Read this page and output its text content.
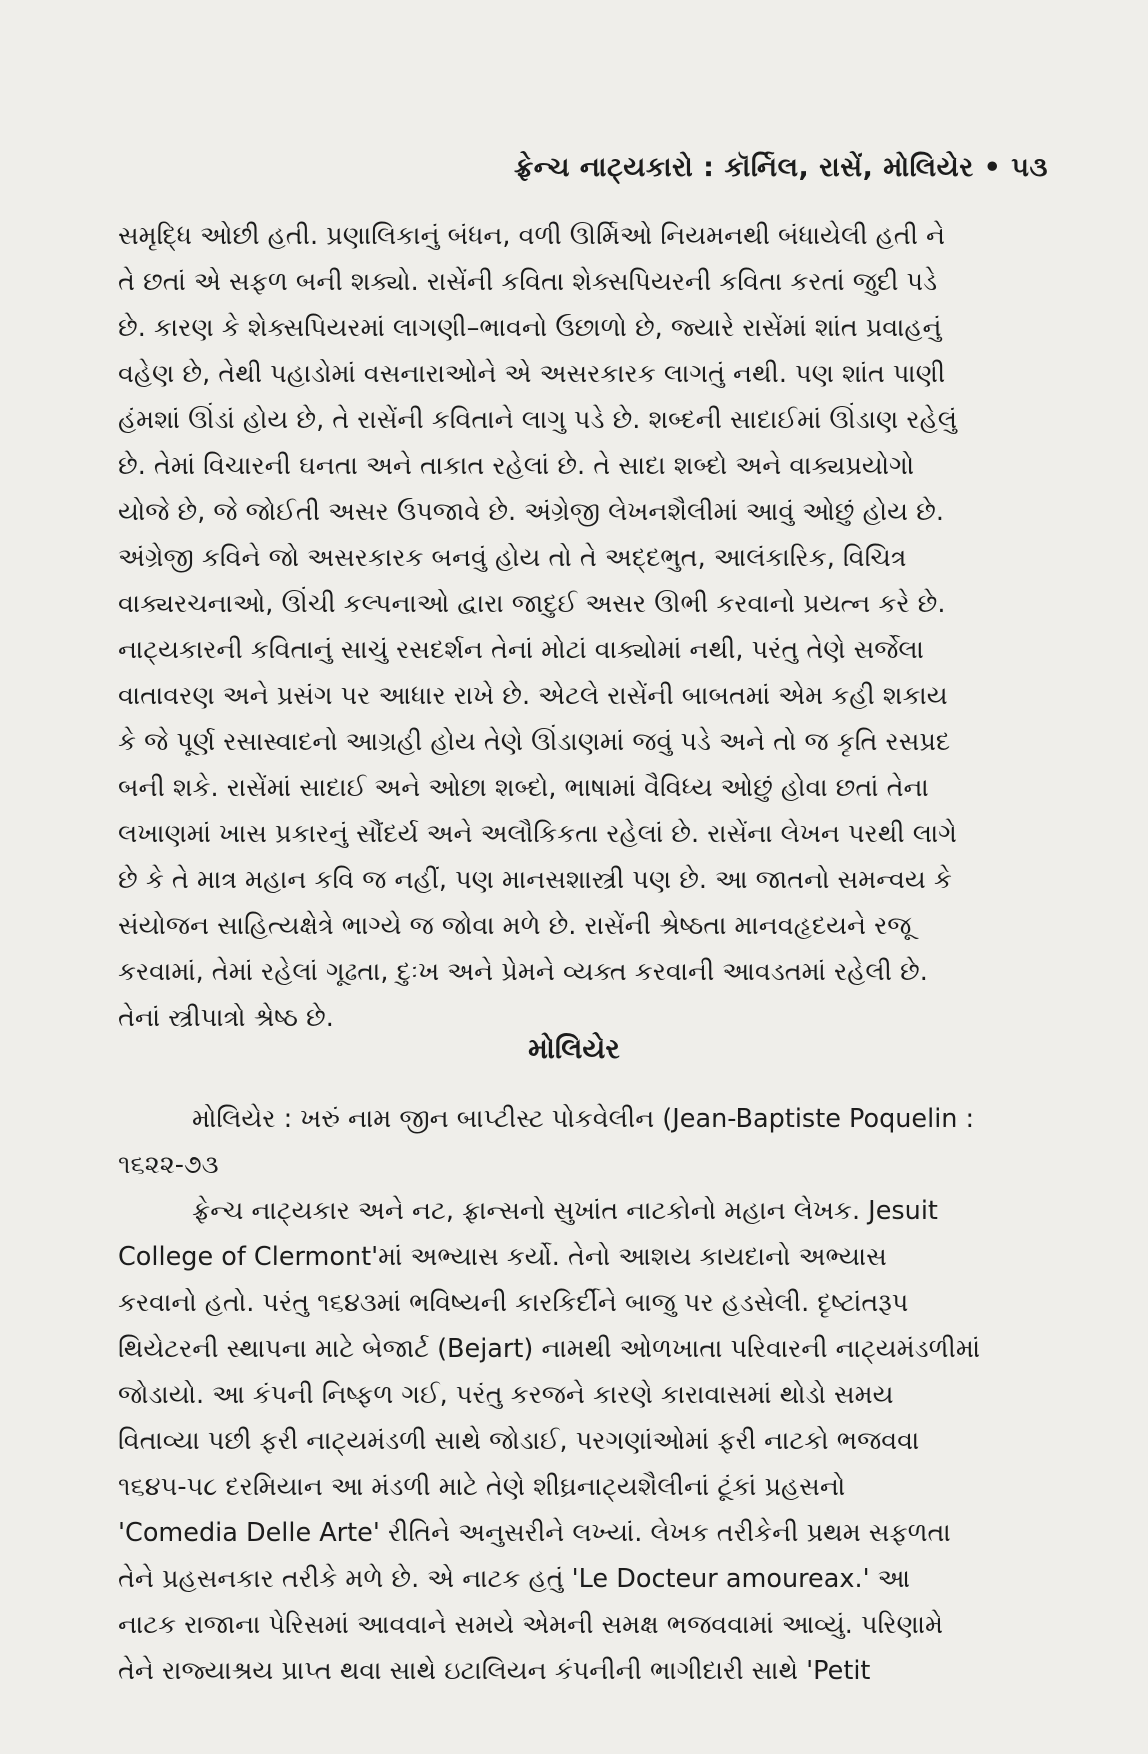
ફ્રેન્ચ નાટ્યકારો : કૉર્નિલ, રાસેં, મોલિયેર • ૫૩
સમૃદ્ધિ ઓછી હતી. પ્રણાલિકાનું બંધન, વળી ઊર્મિઓ નિયમનથી બંધાયેલી હતી ને
તે છતાં એ સફળ બની શક્યો. રાસેંની કવિતા શેક્સપિયરની કવિતા કરતાં જુદી પડે
છે. કારણ કે શેક્સપિયરમાં લાગણી–ભાવનો ઉછાળો છે, જ્યારે રાસેંમાં શાંત પ્રવાહનું
વહેણ છે, તેથી પહાડોમાં વસનારાઓને એ અસરકારક લાગતું નથી. પણ શાંત પાણી
હંમશાં ઊંડાં હોય છે, તે રાસેંની કવિતાને લાગુ પડે છે. શબ્દની સાદાઈમાં ઊંડાણ રહેલું
છે. તેમાં વિચારની ઘનતા અને તાકાત રહેલાં છે. તે સાદા શબ્દો અને વાક્યપ્રયોગો
યોજે છે, જે જોઈતી અસર ઉપજાવે છે. અંગ્રેજી લેખનશૈલીમાં આવું ઓછું હોય છે.
અંગ્રેજી કવિને જો અસરકારક બનવું હોય તો તે અદ્દભુત, આલંકારિક, વિચિત્ર
વાક્યરચનાઓ, ઊંચી કલ્પનાઓ દ્વારા જાદુઈ અસર ઊભી કરવાનો પ્રયત્ન કરે છે.
નાટ્યકારની કવિતાનું સાચું રસદર્શન તેનાં મોટાં વાક્યોમાં નથી, પરંતુ તેણે સર્જેલા
વાતાવરણ અને પ્રસંગ પર આધાર રાખે છે. એટલે રાસેંની બાબતમાં એમ કહી શકાય
કે જે પૂર્ણ રસાસ્વાદનો આગ્રહી હોય તેણે ઊંડાણમાં જવું પડે અને તો જ કૃતિ રસપ્રદ
બની શકે. રાસેંમાં સાદાઈ અને ઓછા શબ્દો, ભાષામાં વૈવિધ્ય ઓછું હોવા છતાં તેના
લખાણમાં ખાસ પ્રકારનું સૌંદર્ય અને અલૌકિકતા રહેલાં છે. રાસેંના લેખન પરથી લાગે
છે કે તે માત્ર મહાન કવિ જ નહીં, પણ માનસશાસ્ત્રી પણ છે. આ જાતનો સમન્વય કે
સંયોજન સાહિત્યક્ષેત્રે ભાગ્યે જ જોવા મળે છે. રાસેંની શ્રેષ્ઠતા માનવહૃદયને રજૂ
કરવામાં, તેમાં રહેલાં ગૂઢતા, દુઃખ અને પ્રેમને વ્યક્ત કરવાની આવડતમાં રહેલી છે.
તેનાં સ્ત્રીપાત્રો શ્રેષ્ઠ છે.
મોલિયેર
મોલિયેર : ખરું નામ જીન બાપ્ટીસ્ટ પોકવેલીન (Jean-Baptiste Poquelin :
૧૬૨૨-૭૩
ફ્રેન્ચ નાટ્યકાર અને નટ, ફ્રાન્સનો સુખાંત નાટકોનો મહાન લેખક. Jesuit
College of Clermont'માં અભ્યાસ કર્યો. તેનો આશય કાયદાનો અભ્યાસ
કરવાનો હતો. પરંતુ ૧૬૪૩માં ભવિષ્યની કારકિર્દીને બાજુ પર હડસેલી. દૃષ્ટાંતરૂપ
થિયેટરની સ્થાપના માટે બેજાર્ટ (Bejart) નામથી ઓળખાતા પરિવારની નાટ્યમંડળીમાં
જોડાયો. આ કંપની નિષ્ફળ ગઈ, પરંતુ કરજને કારણે કારાવાસમાં થોડો સમય
વિતાવ્યા પછી ફરી નાટ્યમંડળી સાથે જોડાઈ, પરગણાંઓમાં ફરી નાટકો ભજવવા
૧૬૪૫-૫૮ દરમિયાન આ મંડળી માટે તેણે શીઘ્રનાટ્યશૈલીનાં ટૂંકાં પ્રહસનો
'Comedia Delle Arte' રીતિને અનુસરીને લખ્યાં. લેખક તરીકેની પ્રથમ સફળતા
તેને પ્રહસનકાર તરીકે મળે છે. એ નાટક હતું 'Le Docteur amoureax.' આ
નાટક રાજાના પેરિસમાં આવવાને સમયે એમની સમક્ષ ભજવવામાં આવ્યું. પરિણામે
તેને રાજ્યાશ્રય પ્રાપ્ત થવા સાથે ઇટાલિયન કંપનીની ભાગીદારી સાથે 'Petit
